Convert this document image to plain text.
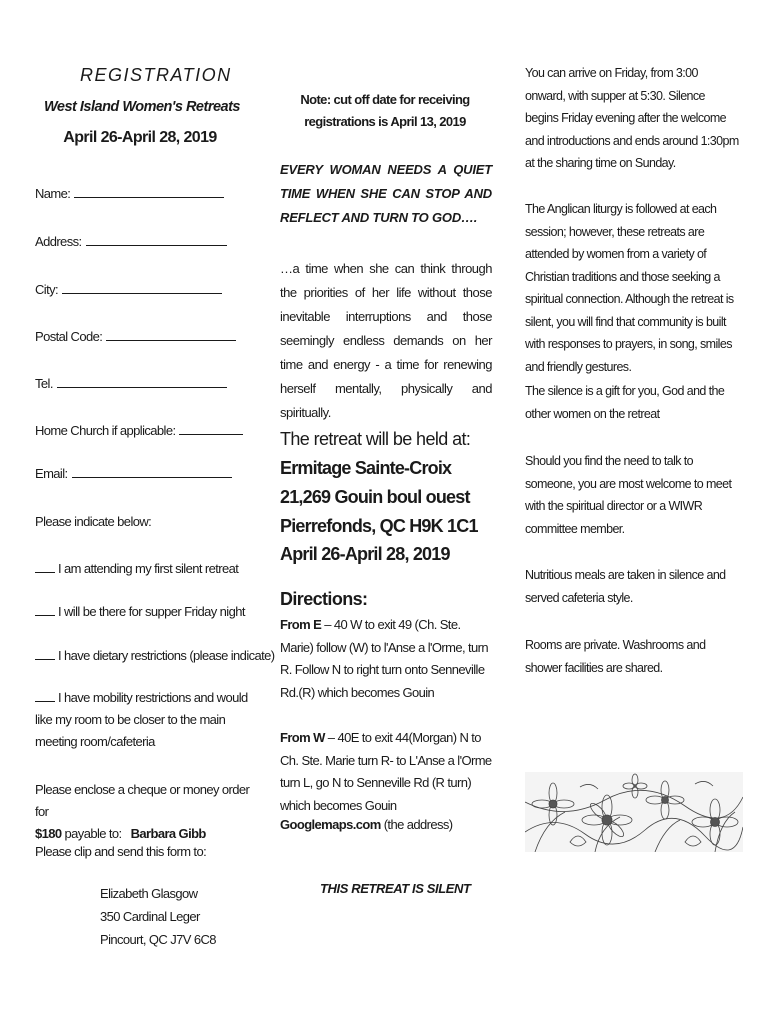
REGISTRATION
West Island Women's Retreats
April 26-April 28, 2019
Name:
Address:
City:
Postal Code:
Tel.
Home Church if applicable:
Email:
Please indicate below:
I am attending my first silent retreat
I will be there for supper Friday night
I have dietary restrictions (please indicate)
I have mobility restrictions and would like my room to be closer to the main meeting room/cafeteria
Please enclose a cheque or money order for
$180 payable to: Barbara Gibb
Please clip and send this form to:
Elizabeth Glasgow
350 Cardinal Leger
Pincourt, QC J7V 6C8
Note: cut off date for receiving registrations is April 13, 2019
EVERY WOMAN NEEDS A QUIET TIME WHEN SHE CAN STOP AND REFLECT AND TURN TO GOD….
…a time when she can think through the priorities of her life without those inevitable interruptions and those seemingly endless demands on her time and energy - a time for renewing herself mentally, physically and spiritually.
The retreat will be held at:
Ermitage Sainte-Croix
21,269 Gouin boul ouest
Pierrefonds, QC H9K 1C1
April 26-April 28, 2019
Directions:
From E – 40 W to exit 49 (Ch. Ste. Marie) follow (W) to l'Anse a l'Orme, turn R. Follow N to right turn onto Senneville Rd.(R) which becomes Gouin
From W – 40E to exit 44(Morgan) N to Ch. Ste. Marie turn R- to L'Anse a l'Orme turn L, go N to Senneville Rd (R turn) which becomes Gouin
Googlemaps.com (the address)
THIS RETREAT IS SILENT
You can arrive on Friday, from 3:00 onward, with supper at 5:30. Silence begins Friday evening after the welcome and introductions and ends around 1:30pm at the sharing time on Sunday.
The Anglican liturgy is followed at each session; however, these retreats are attended by women from a variety of Christian traditions and those seeking a spiritual connection. Although the retreat is silent, you will find that community is built with responses to prayers, in song, smiles and friendly gestures.
The silence is a gift for you, God and the other women on the retreat
Should you find the need to talk to someone, you are most welcome to meet with the spiritual director or a WIWR committee member.
Nutritious meals are taken in silence and served cafeteria style.
Rooms are private. Washrooms and shower facilities are shared.
